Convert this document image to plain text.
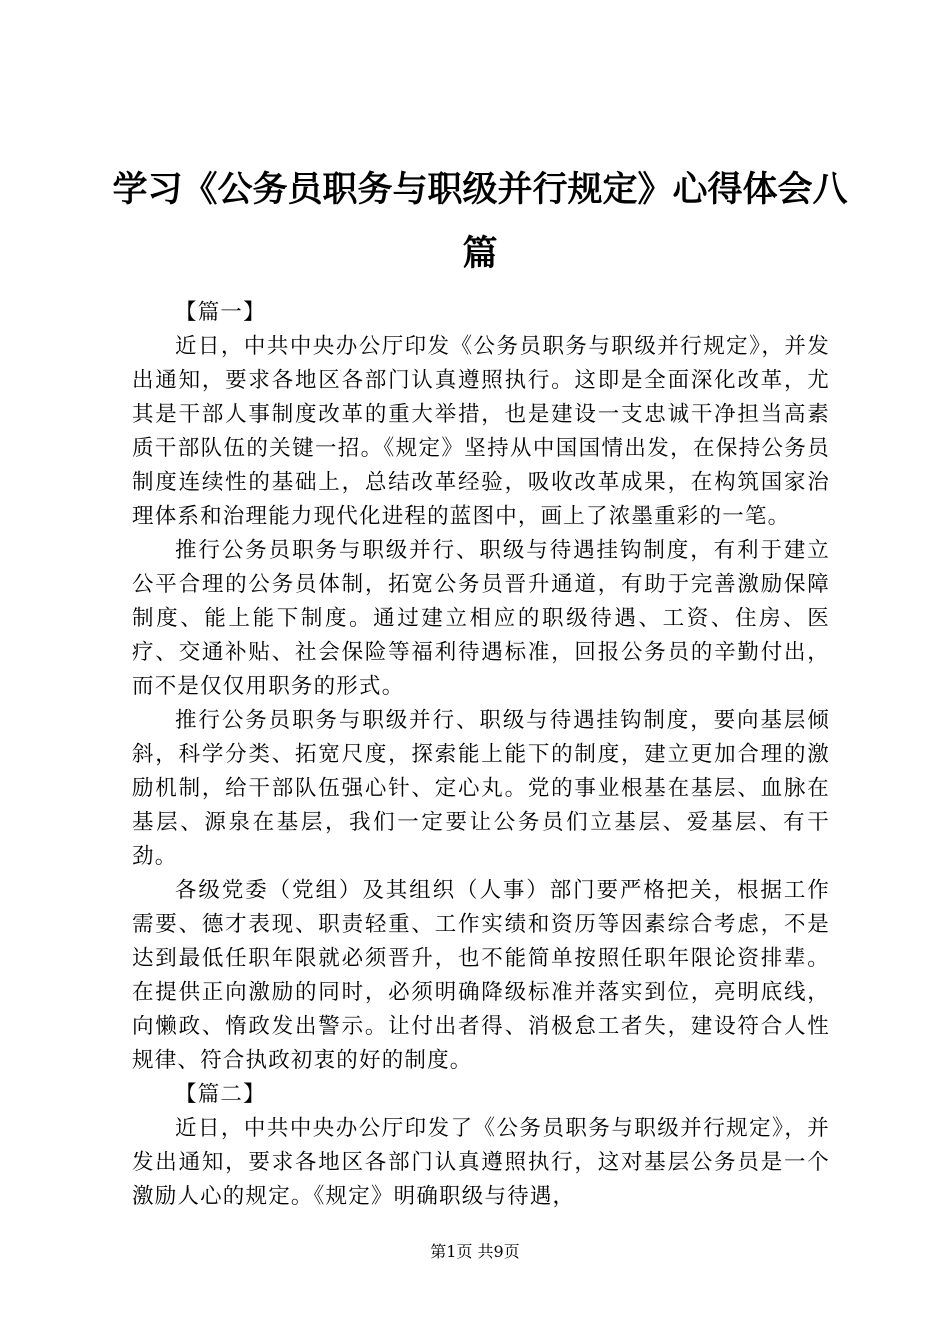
学习《公务员职务与职级并行规定》心得体会八篇

【篇一】

近日，中共中央办公厅印发《公务员职务与职级并行规定》，并发出通知，要求各地区各部门认真遵照执行。这即是全面深化改革，尤其是干部人事制度改革的重大举措，也是建设一支忠诚干净担当高素质干部队伍的关键一招。《规定》坚持从中国国情出发，在保持公务员制度连续性的基础上，总结改革经验，吸收改革成果，在构筑国家治理体系和治理能力现代化进程的蓝图中，画上了浓墨重彩的一笔。

推行公务员职务与职级并行、职级与待遇挂钩制度，有利于建立公平合理的公务员体制，拓宽公务员晋升通道，有助于完善激励保障制度、能上能下制度。通过建立相应的职级待遇、工资、住房、医疗、交通补贴、社会保险等福利待遇标准，回报公务员的辛勤付出，而不是仅仅用职务的形式。

推行公务员职务与职级并行、职级与待遇挂钩制度，要向基层倾斜，科学分类、拓宽尺度，探索能上能下的制度，建立更加合理的激励机制，给干部队伍强心针、定心丸。党的事业根基在基层、血脉在基层、源泉在基层，我们一定要让公务员们立基层、爱基层、有干劲。

各级党委（党组）及其组织（人事）部门要严格把关，根据工作需要、德才表现、职责轻重、工作实绩和资历等因素综合考虑，不是达到最低任职年限就必须晋升，也不能简单按照任职年限论资排辈。在提供正向激励的同时，必须明确降级标准并落实到位，亮明底线，向懒政、惰政发出警示。让付出者得、消极怠工者失，建设符合人性规律、符合执政初衷的好的制度。

【篇二】

近日，中共中央办公厅印发了《公务员职务与职级并行规定》，并发出通知，要求各地区各部门认真遵照执行，这对基层公务员是一个激励人心的规定。《规定》明确职级与待遇，

第1页 共9页
